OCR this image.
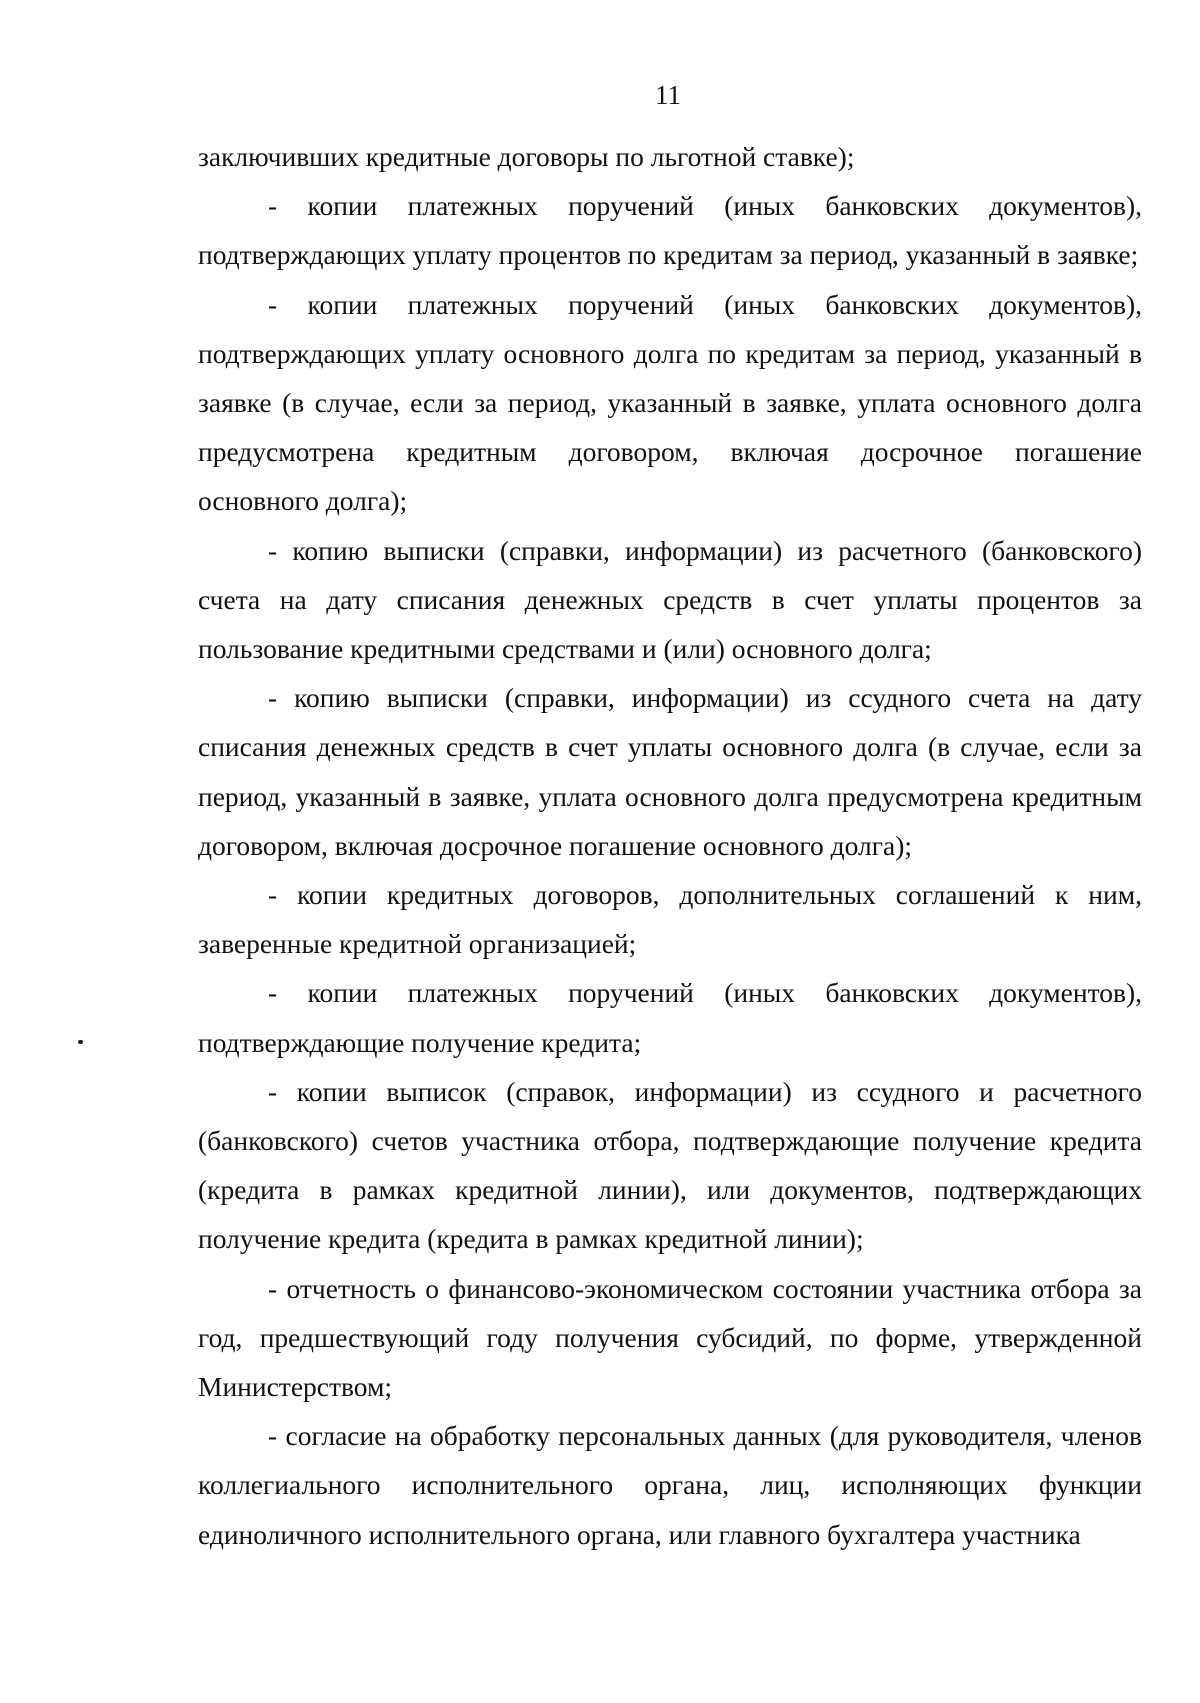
11

заключивших кредитные договоры по льготной ставке);

- копии платежных поручений (иных банковских документов), подтверждающих уплату процентов по кредитам за период, указанный в заявке;

- копии платежных поручений (иных банковских документов), подтверждающих уплату основного долга по кредитам за период, указанный в заявке (в случае, если за период, указанный в заявке, уплата основного долга предусмотрена кредитным договором, включая досрочное погашение основного долга);

- копию выписки (справки, информации) из расчетного (банковского) счета на дату списания денежных средств в счет уплаты процентов за пользование кредитными средствами и (или) основного долга;

- копию выписки (справки, информации) из ссудного счета на дату списания денежных средств в счет уплаты основного долга (в случае, если за период, указанный в заявке, уплата основного долга предусмотрена кредитным договором, включая досрочное погашение основного долга);

- копии кредитных договоров, дополнительных соглашений к ним, заверенные кредитной организацией;

- копии платежных поручений (иных банковских документов), подтверждающие получение кредита;

- копии выписок (справок, информации) из ссудного и расчетного (банковского) счетов участника отбора, подтверждающие получение кредита (кредита в рамках кредитной линии), или документов, подтверждающих получение кредита (кредита в рамках кредитной линии);

- отчетность о финансово-экономическом состоянии участника отбора за год, предшествующий году получения субсидий, по форме, утвержденной Министерством;

- согласие на обработку персональных данных (для руководителя, членов коллегиального исполнительного органа, лиц, исполняющих функции единоличного исполнительного органа, или главного бухгалтера участника
